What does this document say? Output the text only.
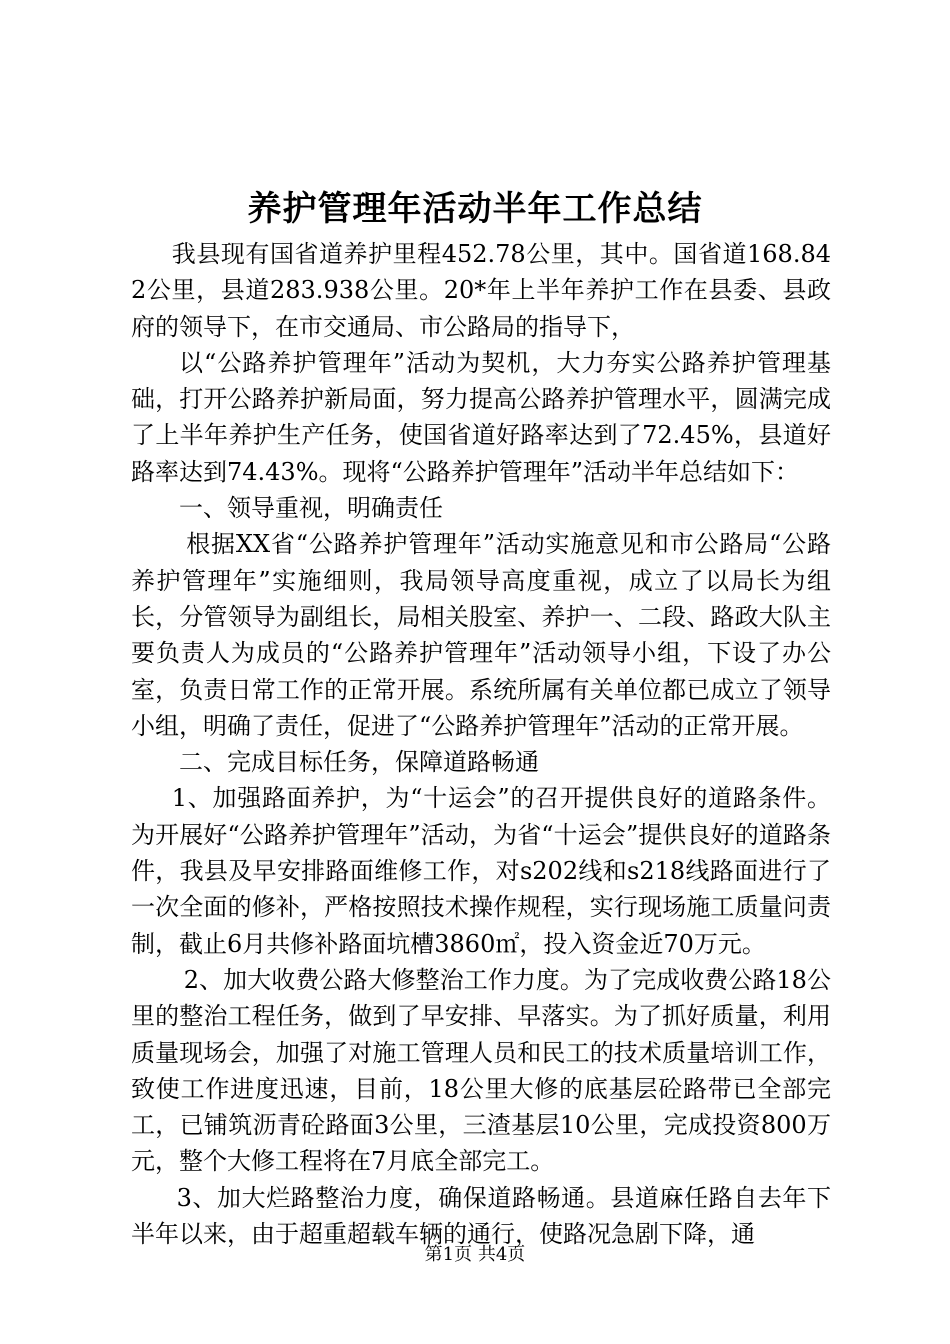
养护管理年活动半年工作总结

我县现有国省道养护里程452.78公里，其中。国省道168.842公里，县道283.938公里。20*年上半年养护工作在县委、县政府的领导下，在市交通局、市公路局的指导下，

以“公路养护管理年”活动为契机，大力夯实公路养护管理基础，打开公路养护新局面，努力提高公路养护管理水平，圆满完成了上半年养护生产任务，使国省道好路率达到了72.45%，县道好路率达到74.43%。现将“公路养护管理年”活动半年总结如下：

一、领导重视，明确责任

根据XX省“公路养护管理年”活动实施意见和市公路局“公路养护管理年”实施细则，我局领导高度重视，成立了以局长为组长，分管领导为副组长，局相关股室、养护一、二段、路政大队主要负责人为成员的“公路养护管理年”活动领导小组，下设了办公室，负责日常工作的正常开展。系统所属有关单位都已成立了领导小组，明确了责任，促进了“公路养护管理年”活动的正常开展。

二、完成目标任务，保障道路畅通

1、加强路面养护，为“十运会”的召开提供良好的道路条件。为开展好“公路养护管理年”活动，为省“十运会”提供良好的道路条件，我县及早安排路面维修工作，对s202线和s218线路面进行了一次全面的修补，严格按照技术操作规程，实行现场施工质量问责制，截止6月共修补路面坑槽3860㎡，投入资金近70万元。

2、加大收费公路大修整治工作力度。为了完成收费公路18公里的整治工程任务，做到了早安排、早落实。为了抓好质量，利用质量现场会，加强了对施工管理人员和民工的技术质量培训工作，致使工作进度迅速，目前，18公里大修的底基层砼路带已全部完工，已铺筑沥青砼路面3公里，三渣基层10公里，完成投资800万元，整个大修工程将在7月底全部完工。

3、加大烂路整治力度，确保道路畅通。县道麻任路自去年下半年以来，由于超重超载车辆的通行，使路况急剧下降，通

第1页 共4页
